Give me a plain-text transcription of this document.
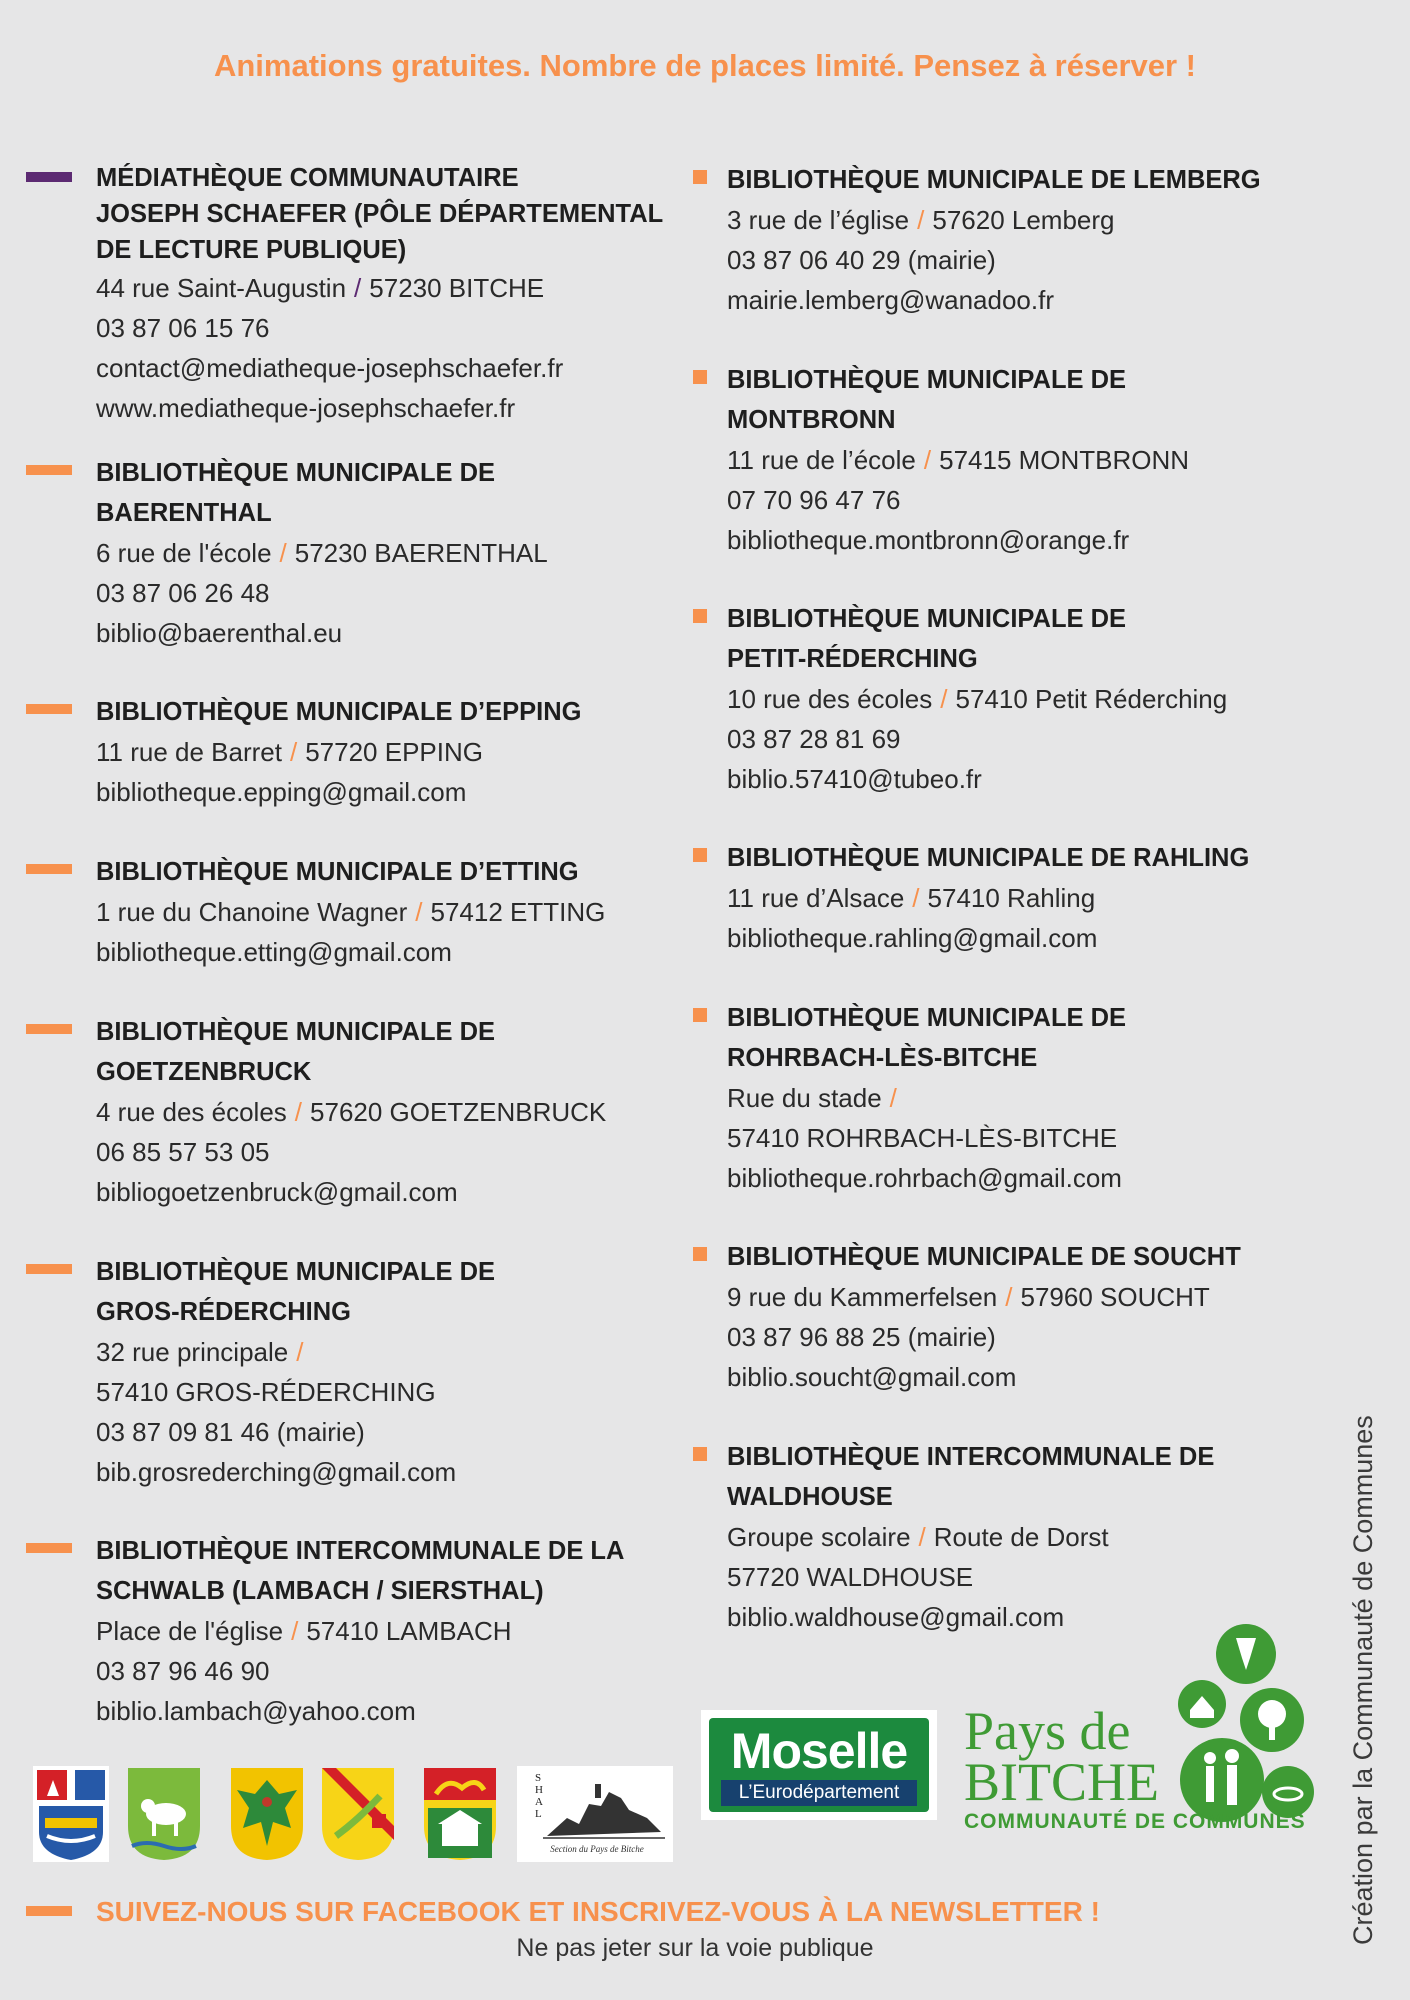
Animations gratuites. Nombre de places limité. Pensez à réserver !
MÉDIATHÈQUE COMMUNAUTAIRE
JOSEPH SCHAEFER (PÔLE DÉPARTEMENTAL
DE LECTURE PUBLIQUE)
44 rue Saint-Augustin / 57230 BITCHE
03 87 06 15 76
contact@mediatheque-josephschaefer.fr
www.mediatheque-josephschaefer.fr
BIBLIOTHÈQUE MUNICIPALE DE
BAERENTHAL
6 rue de l'école / 57230 BAERENTHAL
03 87 06 26 48
biblio@baerenthal.eu
BIBLIOTHÈQUE MUNICIPALE D’EPPING
11 rue de Barret / 57720 EPPING
bibliotheque.epping@gmail.com
BIBLIOTHÈQUE MUNICIPALE D’ETTING
1 rue du Chanoine Wagner / 57412 ETTING
bibliotheque.etting@gmail.com
BIBLIOTHÈQUE MUNICIPALE DE
GOETZENBRUCK
4 rue des écoles / 57620 GOETZENBRUCK
06 85 57 53 05
bibliogoetzenbruck@gmail.com
BIBLIOTHÈQUE MUNICIPALE DE
GROS-RÉDERCHING
32 rue principale /
57410 GROS-RÉDERCHING
03 87 09 81 46 (mairie)
bib.grosrederching@gmail.com
BIBLIOTHÈQUE INTERCOMMUNALE DE LA
SCHWALB (LAMBACH / SIERSTHAL)
Place de l'église / 57410 LAMBACH
03 87 96 46 90
biblio.lambach@yahoo.com
BIBLIOTHÈQUE MUNICIPALE DE LEMBERG
3 rue de l’église / 57620 Lemberg
03 87 06 40 29 (mairie)
mairie.lemberg@wanadoo.fr
BIBLIOTHÈQUE MUNICIPALE DE
MONTBRONN
11 rue de l’école / 57415 MONTBRONN
07 70 96 47 76
bibliotheque.montbronn@orange.fr
BIBLIOTHÈQUE MUNICIPALE DE
PETIT-RÉDERCHING
10 rue des écoles / 57410 Petit Réderching
03 87 28 81 69
biblio.57410@tubeo.fr
BIBLIOTHÈQUE MUNICIPALE DE RAHLING
11 rue d’Alsace / 57410 Rahling
bibliotheque.rahling@gmail.com
BIBLIOTHÈQUE MUNICIPALE DE
ROHRBACH-LÈS-BITCHE
Rue du stade /
57410 ROHRBACH-LÈS-BITCHE
bibliotheque.rohrbach@gmail.com
BIBLIOTHÈQUE MUNICIPALE DE SOUCHT
9 rue du Kammerfelsen / 57960 SOUCHT
03 87 96 88 25 (mairie)
biblio.soucht@gmail.com
BIBLIOTHÈQUE INTERCOMMUNALE DE
WALDHOUSE
Groupe scolaire / Route de Dorst
57720 WALDHOUSE
biblio.waldhouse@gmail.com
SHAL
Section du Pays de Bitche
Moselle
L’Eurodépartement
Pays de
BITCHE
COMMUNAUTÉ DE COMMUNES Création par la Communauté de Communes
SUIVEZ-NOUS SUR FACEBOOK ET INSCRIVEZ-VOUS À LA NEWSLETTER !
Ne pas jeter sur la voie publique
